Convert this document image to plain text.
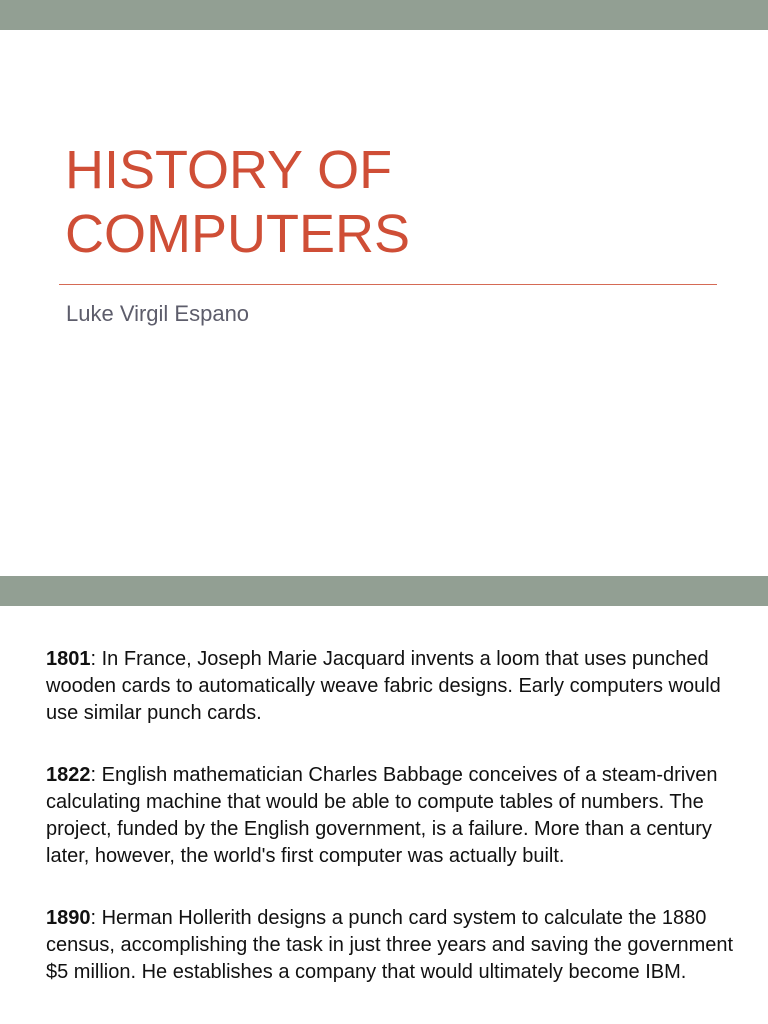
HISTORY OF
COMPUTERS
Luke Virgil Espano

1801: In France, Joseph Marie Jacquard invents a loom that uses punched wooden cards to automatically weave fabric designs. Early computers would use similar punch cards.

1822: English mathematician Charles Babbage conceives of a steam-driven calculating machine that would be able to compute tables of numbers. The project, funded by the English government, is a failure. More than a century later, however, the world's first computer was actually built.

1890: Herman Hollerith designs a punch card system to calculate the 1880 census, accomplishing the task in just three years and saving the government $5 million. He establishes a company that would ultimately become IBM.
